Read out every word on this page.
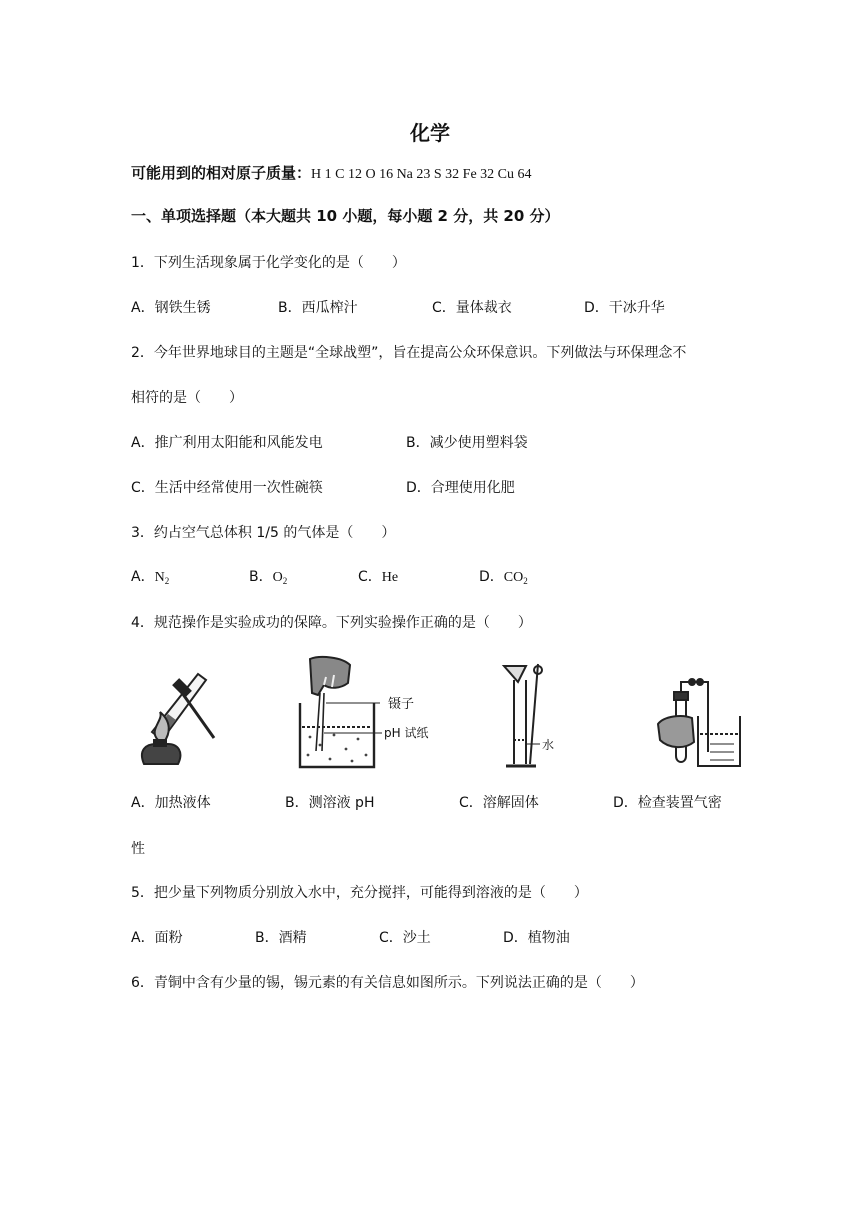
化学
可能用到的相对原子质量：H 1 C 12 O 16 Na 23 S 32 Fe 32 Cu 64
一、单项选择题（本大题共 10 小题，每小题 2 分，共 20 分）
1．下列生活现象属于化学变化的是（　　）
A．钢铁生锈	B．西瓜榨汁	C．量体裁衣	D．干冰升华
2．今年世界地球目的主题是“全球战塑”，旨在提高公众环保意识。下列做法与环保理念不
相符的是（　　）
A．推广利用太阳能和风能发电	B．减少使用塑料袋
C．生活中经常使用一次性碗筷	D．合理使用化肥
3．约占空气总体积 1/5 的气体是（　　）
A．$N_2$	B．$O_2$	C．He	D．$CO_2$
4．规范操作是实验成功的保障。下列实验操作正确的是（　　）
镊子
pH 试纸
水
A．加热液体	B．测溶液 pH	C．溶解固体	D．检查装置气密
性
5．把少量下列物质分别放入水中，充分搅拌，可能得到溶液的是（　　）
A．面粉	B．酒精	C．沙土	D．植物油
6．青铜中含有少量的锡，锡元素的有关信息如图所示。下列说法正确的是（　　）
